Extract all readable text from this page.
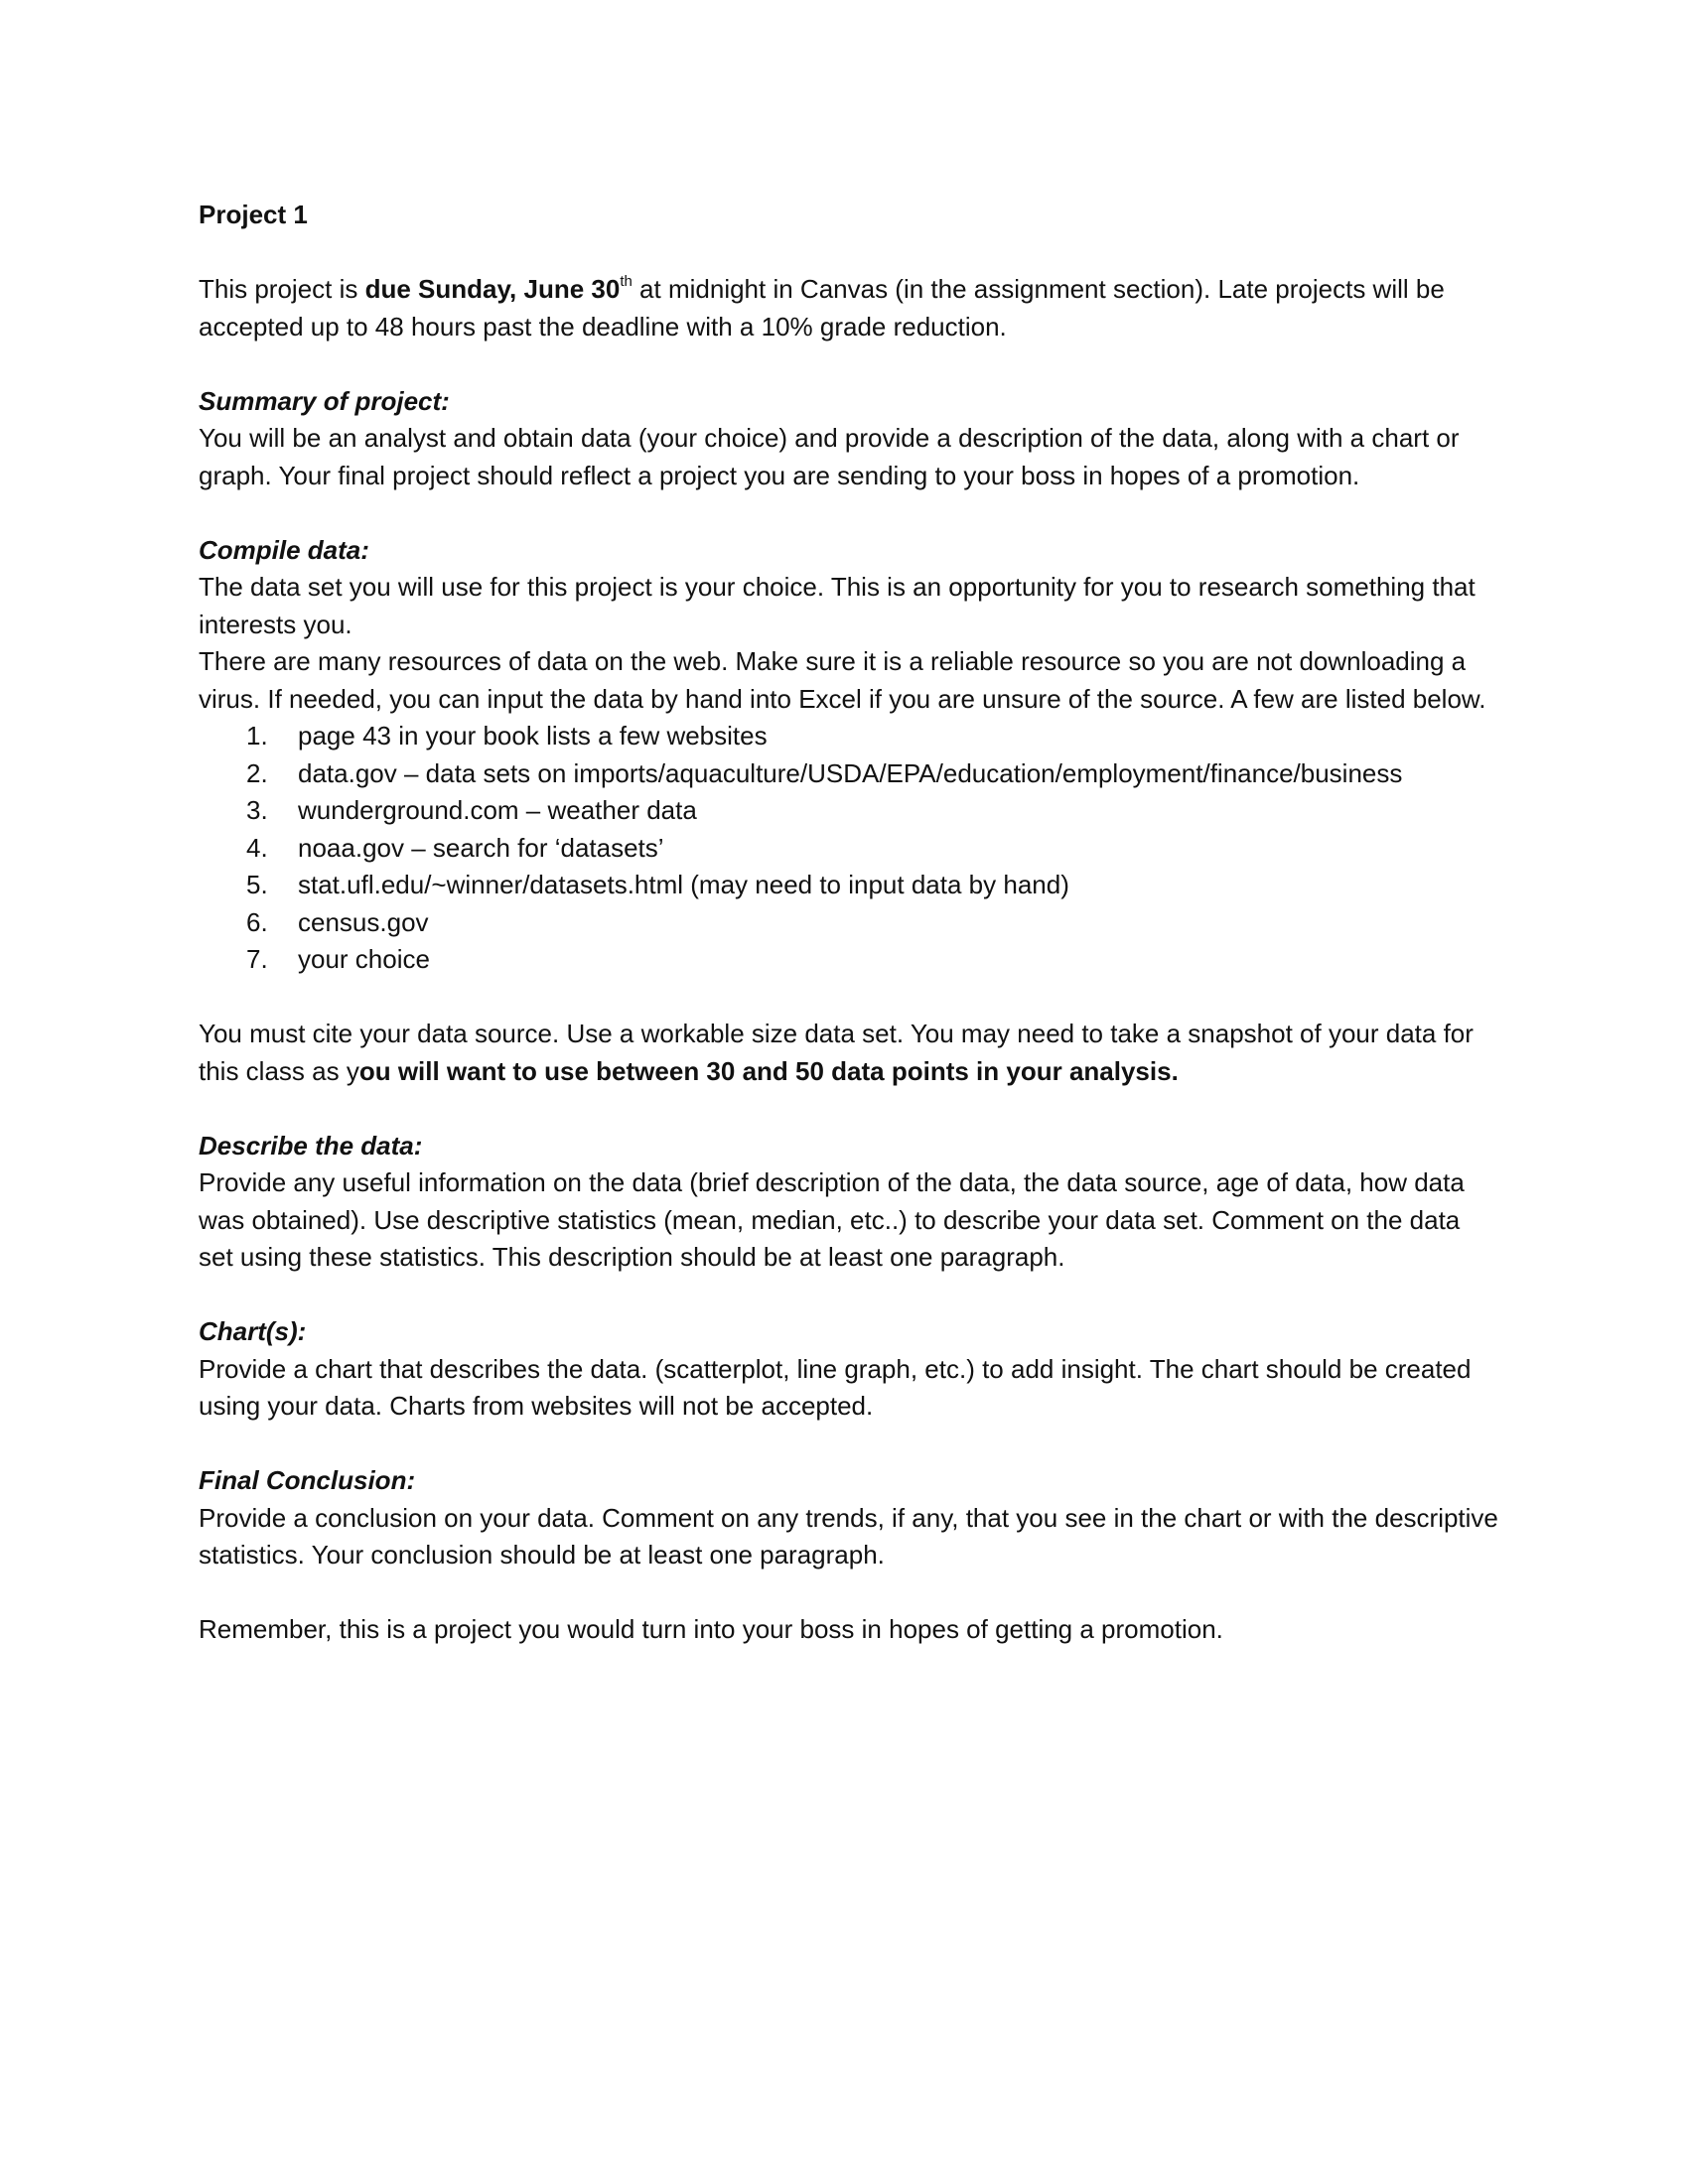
Project 1

This project is due Sunday, June 30th at midnight in Canvas (in the assignment section). Late projects will be accepted up to 48 hours past the deadline with a 10% grade reduction.

Summary of project:

You will be an analyst and obtain data (your choice) and provide a description of the data, along with a chart or graph. Your final project should reflect a project you are sending to your boss in hopes of a promotion.

Compile data:

The data set you will use for this project is your choice. This is an opportunity for you to research something that interests you.

There are many resources of data on the web. Make sure it is a reliable resource so you are not downloading a virus. If needed, you can input the data by hand into Excel if you are unsure of the source. A few are listed below.

1.	page 43 in your book lists a few websites
2.	data.gov – data sets on imports/aquaculture/USDA/EPA/education/employment/finance/business
3.	wunderground.com – weather data
4.	noaa.gov – search for ‘datasets’
5.	stat.ufl.edu/~winner/datasets.html (may need to input data by hand)
6.	census.gov
7.	your choice

You must cite your data source. Use a workable size data set. You may need to take a snapshot of your data for this class as you will want to use between 30 and 50 data points in your analysis.

Describe the data:

Provide any useful information on the data (brief description of the data, the data source, age of data, how data was obtained). Use descriptive statistics (mean, median, etc..) to describe your data set. Comment on the data set using these statistics. This description should be at least one paragraph.

Chart(s):

Provide a chart that describes the data. (scatterplot, line graph, etc.) to add insight. The chart should be created using your data. Charts from websites will not be accepted.

Final Conclusion:

Provide a conclusion on your data. Comment on any trends, if any, that you see in the chart or with the descriptive statistics. Your conclusion should be at least one paragraph.

Remember, this is a project you would turn into your boss in hopes of getting a promotion.
